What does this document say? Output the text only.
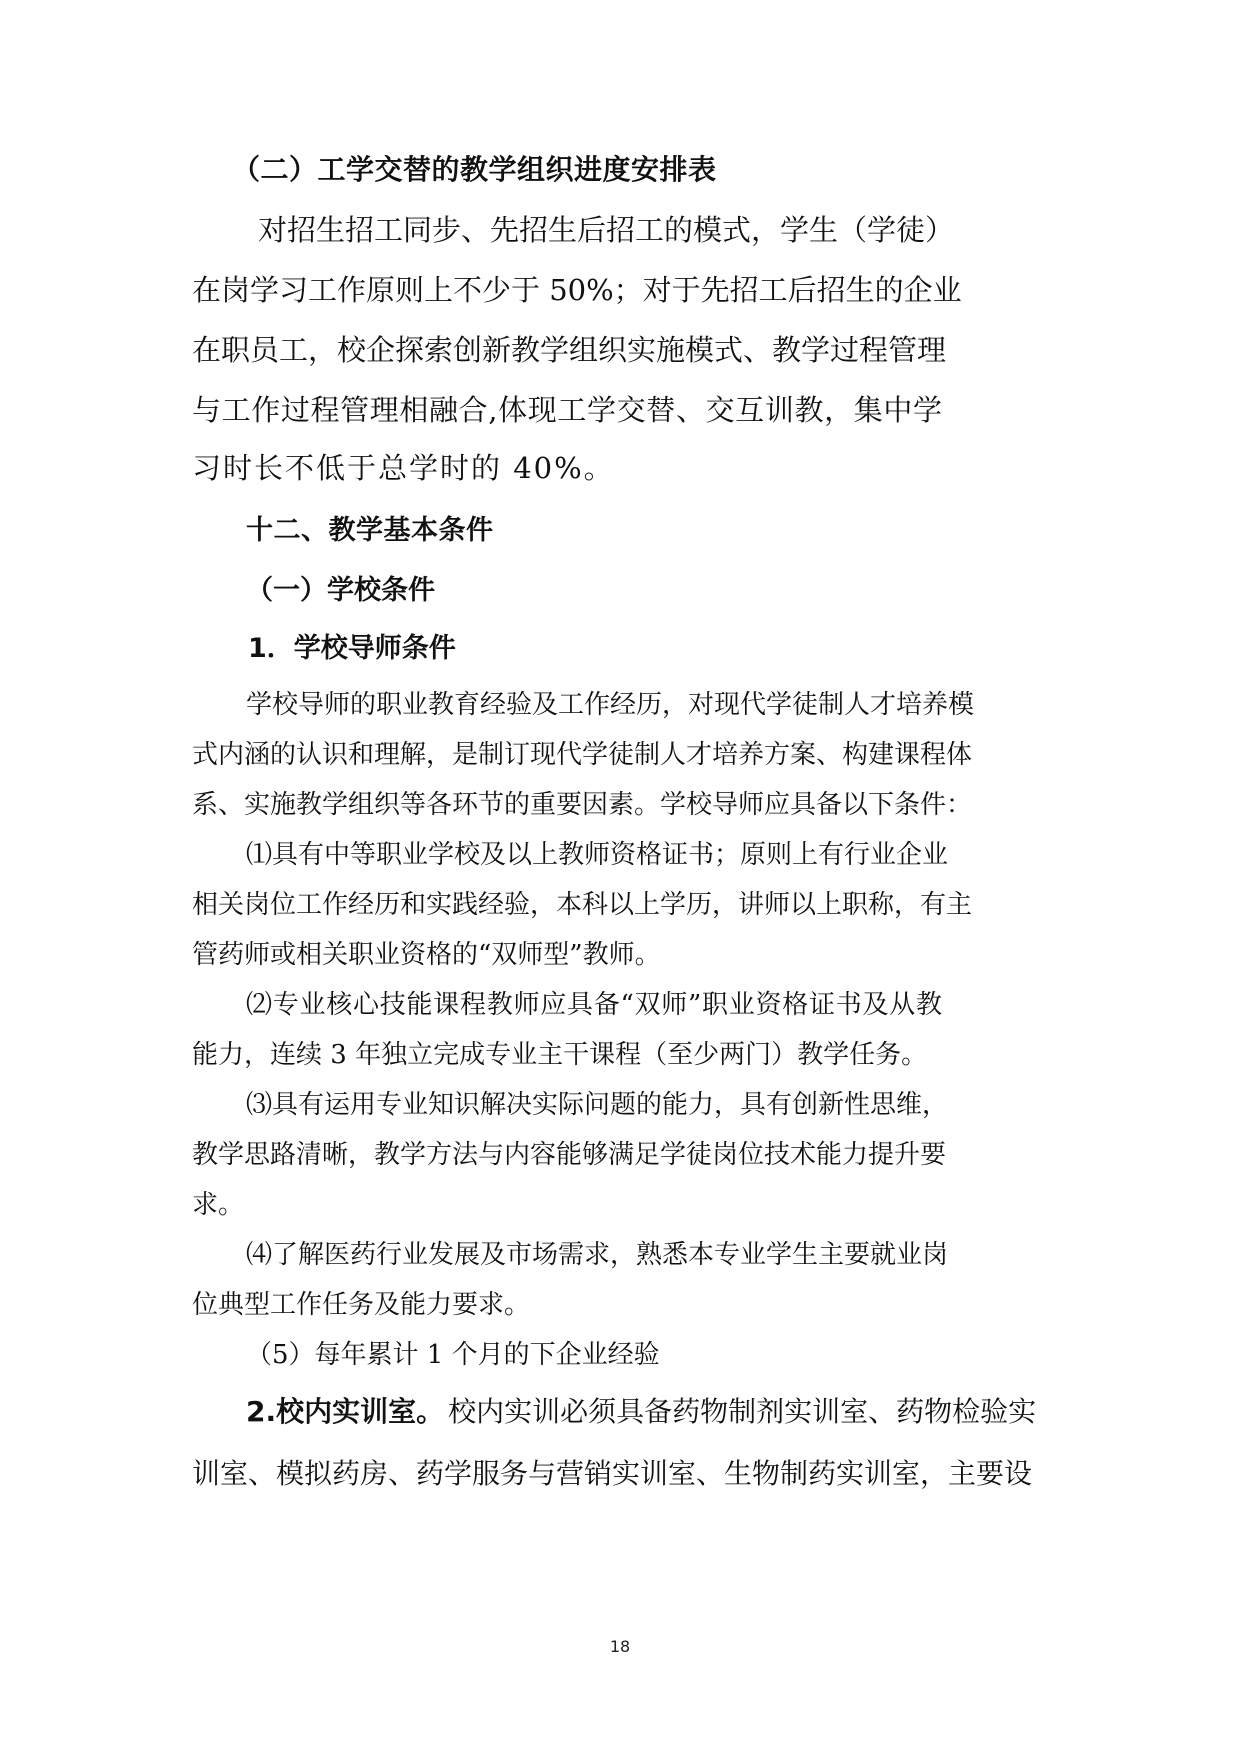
（二）工学交替的教学组织进度安排表
对招生招工同步、先招生后招工的模式，学生（学徒）
在岗学习工作原则上不少于 50%；对于先招工后招生的企业
在职员工，校企探索创新教学组织实施模式、教学过程管理
与工作过程管理相融合,体现工学交替、交互训教，集中学
习时长不低于总学时的 40%。
十二、教学基本条件
（一）学校条件
1．学校导师条件
学校导师的职业教育经验及工作经历，对现代学徒制人才培养模
式内涵的认识和理解，是制订现代学徒制人才培养方案、构建课程体
系、实施教学组织等各环节的重要因素。学校导师应具备以下条件：
⑴具有中等职业学校及以上教师资格证书；原则上有行业企业
相关岗位工作经历和实践经验，本科以上学历，讲师以上职称，有主
管药师或相关职业资格的“双师型”教师。
⑵专业核心技能课程教师应具备“双师”职业资格证书及从教
能力，连续 3 年独立完成专业主干课程（至少两门）教学任务。
⑶具有运用专业知识解决实际问题的能力，具有创新性思维，
教学思路清晰，教学方法与内容能够满足学徒岗位技术能力提升要
求。
⑷了解医药行业发展及市场需求，熟悉本专业学生主要就业岗
位典型工作任务及能力要求。
（5）每年累计 1 个月的下企业经验
2.校内实训室。 校内实训必须具备药物制剂实训室、药物检验实
训室、模拟药房、药学服务与营销实训室、生物制药实训室，主要设
18
